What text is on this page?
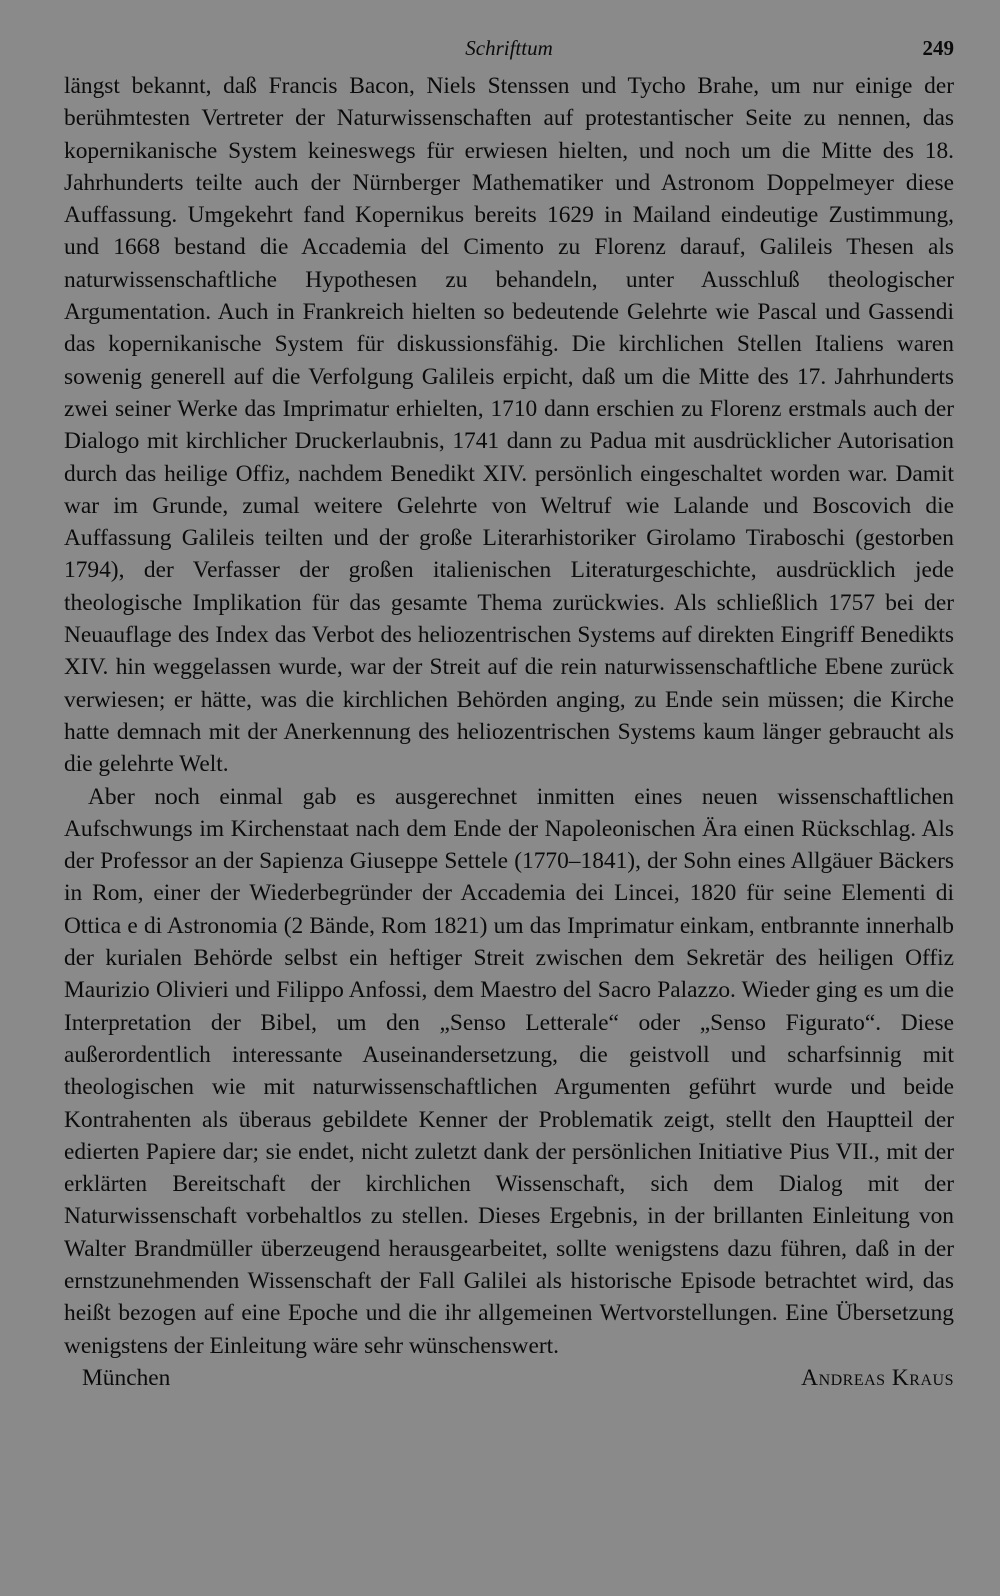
Schrifttum	249

längst bekannt, daß Francis Bacon, Niels Stenssen und Tycho Brahe, um nur einige der berühmtesten Vertreter der Naturwissenschaften auf protestantischer Seite zu nennen, das kopernikanische System keineswegs für erwiesen hielten, und noch um die Mitte des 18. Jahrhunderts teilte auch der Nürnberger Mathematiker und Astronom Doppelmeyer diese Auffassung. Umgekehrt fand Kopernikus bereits 1629 in Mailand eindeutige Zustimmung, und 1668 bestand die Accademia del Cimento zu Florenz darauf, Galileis Thesen als naturwissenschaftliche Hypothesen zu behandeln, unter Ausschluß theologischer Argumentation. Auch in Frankreich hielten so bedeutende Gelehrte wie Pascal und Gassendi das kopernikanische System für diskussionsfähig. Die kirchlichen Stellen Italiens waren sowenig generell auf die Verfolgung Galileis erpicht, daß um die Mitte des 17. Jahrhunderts zwei seiner Werke das Imprimatur erhielten, 1710 dann erschien zu Florenz erstmals auch der Dialogo mit kirchlicher Druckerlaubnis, 1741 dann zu Padua mit ausdrücklicher Autorisation durch das heilige Offiz, nachdem Benedikt XIV. persönlich eingeschaltet worden war. Damit war im Grunde, zumal weitere Gelehrte von Weltruf wie Lalande und Boscovich die Auffassung Galileis teilten und der große Literarhistoriker Girolamo Tiraboschi (gestorben 1794), der Verfasser der großen italienischen Literaturgeschichte, ausdrücklich jede theologische Implikation für das gesamte Thema zurückwies. Als schließlich 1757 bei der Neuauflage des Index das Verbot des heliozentrischen Systems auf direkten Eingriff Benedikts XIV. hin weggelassen wurde, war der Streit auf die rein naturwissenschaftliche Ebene zurück verwiesen; er hätte, was die kirchlichen Behörden anging, zu Ende sein müssen; die Kirche hatte demnach mit der Anerkennung des heliozentrischen Systems kaum länger gebraucht als die gelehrte Welt.

Aber noch einmal gab es ausgerechnet inmitten eines neuen wissenschaftlichen Aufschwungs im Kirchenstaat nach dem Ende der Napoleonischen Ära einen Rückschlag. Als der Professor an der Sapienza Giuseppe Settele (1770–1841), der Sohn eines Allgäuer Bäckers in Rom, einer der Wiederbegründer der Accademia dei Lincei, 1820 für seine Elementi di Ottica e di Astronomia (2 Bände, Rom 1821) um das Imprimatur einkam, entbrannte innerhalb der kurialen Behörde selbst ein heftiger Streit zwischen dem Sekretär des heiligen Offiz Maurizio Olivieri und Filippo Anfossi, dem Maestro del Sacro Palazzo. Wieder ging es um die Interpretation der Bibel, um den „Senso Letterale“ oder „Senso Figurato“. Diese außerordentlich interessante Auseinandersetzung, die geistvoll und scharfsinnig mit theologischen wie mit naturwissenschaftlichen Argumenten geführt wurde und beide Kontrahenten als überaus gebildete Kenner der Problematik zeigt, stellt den Hauptteil der edierten Papiere dar; sie endet, nicht zuletzt dank der persönlichen Initiative Pius VII., mit der erklärten Bereitschaft der kirchlichen Wissenschaft, sich dem Dialog mit der Naturwissenschaft vorbehaltlos zu stellen. Dieses Ergebnis, in der brillanten Einleitung von Walter Brandmüller überzeugend herausgearbeitet, sollte wenigstens dazu führen, daß in der ernstzunehmenden Wissenschaft der Fall Galilei als historische Episode betrachtet wird, das heißt bezogen auf eine Epoche und die ihr allgemeinen Wertvorstellungen. Eine Übersetzung wenigstens der Einleitung wäre sehr wünschenswert.

München	Andreas Kraus
